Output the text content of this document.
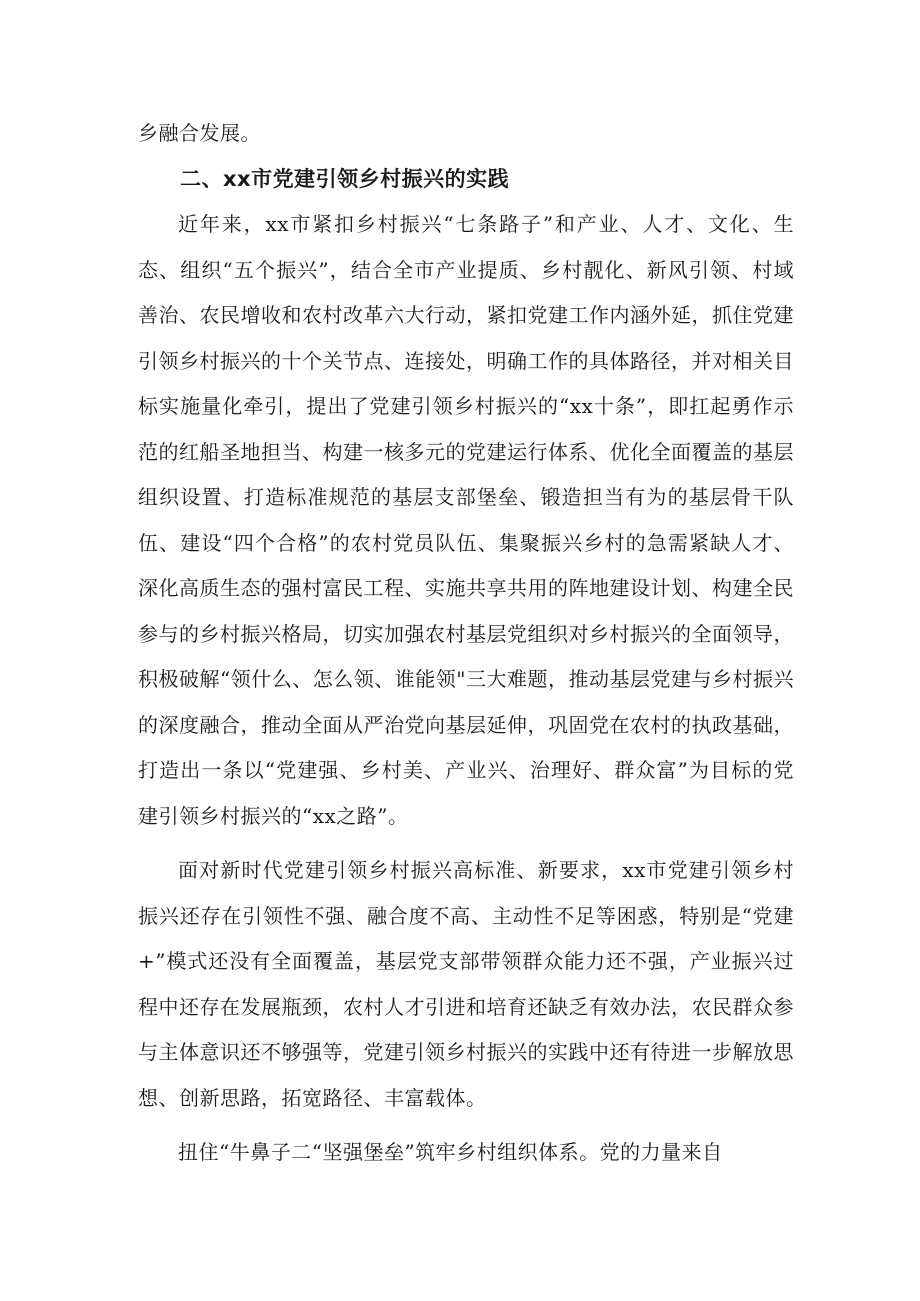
乡融合发展。

二、xx市党建引领乡村振兴的实践

近年来，xx市紧扣乡村振兴“七条路子”和产业、人才、文化、生态、组织“五个振兴”，结合全市产业提质、乡村靓化、新风引领、村域善治、农民增收和农村改革六大行动，紧扣党建工作内涵外延，抓住党建引领乡村振兴的十个关节点、连接处，明确工作的具体路径，并对相关目标实施量化牵引，提出了党建引领乡村振兴的“xx十条”，即扛起勇作示范的红船圣地担当、构建一核多元的党建运行体系、优化全面覆盖的基层组织设置、打造标准规范的基层支部堡垒、锻造担当有为的基层骨干队伍、建设“四个合格”的农村党员队伍、集聚振兴乡村的急需紧缺人才、深化高质生态的强村富民工程、实施共享共用的阵地建设计划、构建全民参与的乡村振兴格局，切实加强农村基层党组织对乡村振兴的全面领导，积极破解“领什么、怎么领、谁能领"三大难题，推动基层党建与乡村振兴的深度融合，推动全面从严治党向基层延伸，巩固党在农村的执政基础，打造出一条以“党建强、乡村美、产业兴、治理好、群众富”为目标的党建引领乡村振兴的“xx之路”。

面对新时代党建引领乡村振兴高标准、新要求，xx市党建引领乡村振兴还存在引领性不强、融合度不高、主动性不足等困惑，特别是“党建+”模式还没有全面覆盖，基层党支部带领群众能力还不强，产业振兴过程中还存在发展瓶颈，农村人才引进和培育还缺乏有效办法，农民群众参与主体意识还不够强等，党建引领乡村振兴的实践中还有待进一步解放思想、创新思路，拓宽路径、丰富载体。

扭住“牛鼻子二“坚强堡垒”筑牢乡村组织体系。党的力量来自
